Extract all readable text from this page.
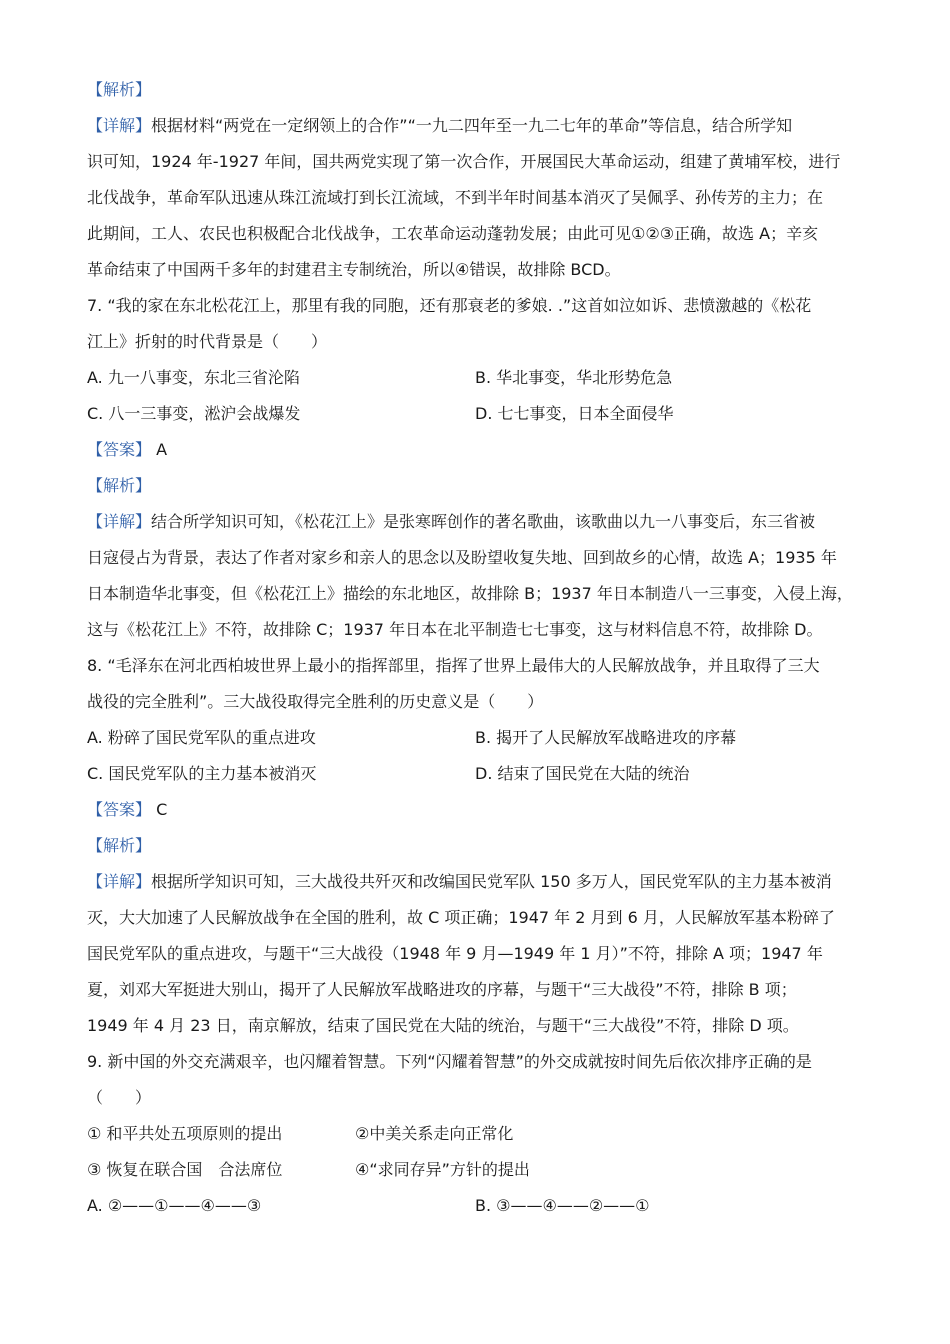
【解析】
【详解】根据材料“两党在一定纲领上的合作”“一九二四年至一九二七年的革命”等信息，结合所学知
识可知，1924 年-1927 年间，国共两党实现了第一次合作，开展国民大革命运动，组建了黄埔军校，进行
北伐战争，革命军队迅速从珠江流域打到长江流域，不到半年时间基本消灭了吴佩孚、孙传芳的主力；在
此期间，工人、农民也积极配合北伐战争，工农革命运动蓬勃发展；由此可见①②③正确，故选 A；辛亥
革命结束了中国两千多年的封建君主专制统治，所以④错误，故排除 BCD。
7. “我的家在东北松花江上，那里有我的同胞，还有那衰老的爹娘. .”这首如泣如诉、悲愤激越的《松花
江上》折射的时代背景是（　　）
A. 九一八事变，东北三省沦陷	B. 华北事变，华北形势危急
C. 八一三事变，淞沪会战爆发	D. 七七事变，日本全面侵华
【答案】 A
【解析】
【详解】结合所学知识可知，《松花江上》是张寒晖创作的著名歌曲，该歌曲以九一八事变后，东三省被
日寇侵占为背景，表达了作者对家乡和亲人的思念以及盼望收复失地、回到故乡的心情，故选 A；1935 年
日本制造华北事变，但《松花江上》描绘的东北地区，故排除 B；1937 年日本制造八一三事变，入侵上海，
这与《松花江上》不符，故排除 C；1937 年日本在北平制造七七事变，这与材料信息不符，故排除 D。
8. “毛泽东在河北西柏坡世界上最小的指挥部里，指挥了世界上最伟大的人民解放战争，并且取得了三大
战役的完全胜利”。三大战役取得完全胜利的历史意义是（　　）
A. 粉碎了国民党军队的重点进攻	B. 揭开了人民解放军战略进攻的序幕
C. 国民党军队的主力基本被消灭	D. 结束了国民党在大陆的统治
【答案】 C
【解析】
【详解】根据所学知识可知，三大战役共歼灭和改编国民党军队 150 多万人，国民党军队的主力基本被消
灭，大大加速了人民解放战争在全国的胜利，故 C 项正确；1947 年 2 月到 6 月，人民解放军基本粉碎了
国民党军队的重点进攻，与题干“三大战役（1948 年 9 月—1949 年 1 月）”不符，排除 A 项；1947 年
夏，刘邓大军挺进大别山，揭开了人民解放军战略进攻的序幕，与题干“三大战役”不符，排除 B 项；
1949 年 4 月 23 日，南京解放，结束了国民党在大陆的统治，与题干“三大战役”不符，排除 D 项。
9. 新中国的外交充满艰辛，也闪耀着智慧。下列“闪耀着智慧”的外交成就按时间先后依次排序正确的是
（　　）
① 和平共处五项原则的提出	②中美关系走向正常化
③ 恢复在联合国　合法席位	④“求同存异”方针的提出
A. ②——①——④——③	B. ③——④——②——①
